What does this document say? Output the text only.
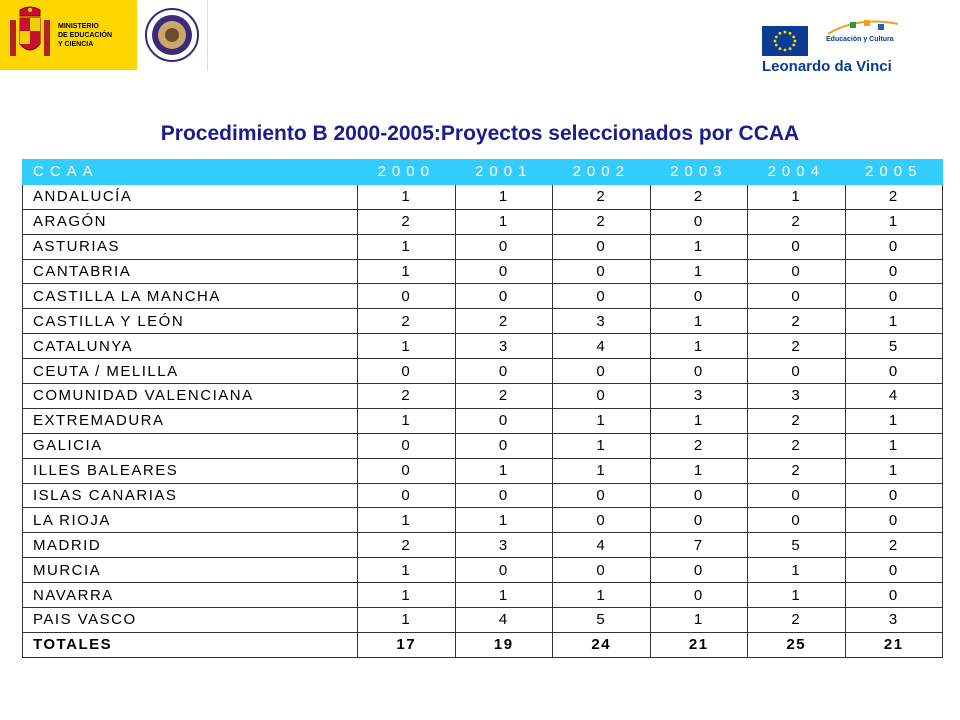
MINISTERIO
DE EDUCACIÓN
Y CIENCIA
Educación y Cultura
Leonardo da Vinci
Procedimiento B 2000-2005:Proyectos seleccionados por CCAA
CCAA	2000	2001	2002	2003	2004	2005
ANDALUCÍA	1	1	2	2	1	2
ARAGÓN	2	1	2	0	2	1
ASTURIAS	1	0	0	1	0	0
CANTABRIA	1	0	0	1	0	0
CASTILLA LA MANCHA	0	0	0	0	0	0
CASTILLA Y LEÓN	2	2	3	1	2	1
CATALUNYA	1	3	4	1	2	5
CEUTA / MELILLA	0	0	0	0	0	0
COMUNIDAD VALENCIANA	2	2	0	3	3	4
EXTREMADURA	1	0	1	1	2	1
GALICIA	0	0	1	2	2	1
ILLES BALEARES	0	1	1	1	2	1
ISLAS CANARIAS	0	0	0	0	0	0
LA RIOJA	1	1	0	0	0	0
MADRID	2	3	4	7	5	2
MURCIA	1	0	0	0	1	0
NAVARRA	1	1	1	0	1	0
PAIS VASCO	1	4	5	1	2	3
TOTALES	17	19	24	21	25	21
